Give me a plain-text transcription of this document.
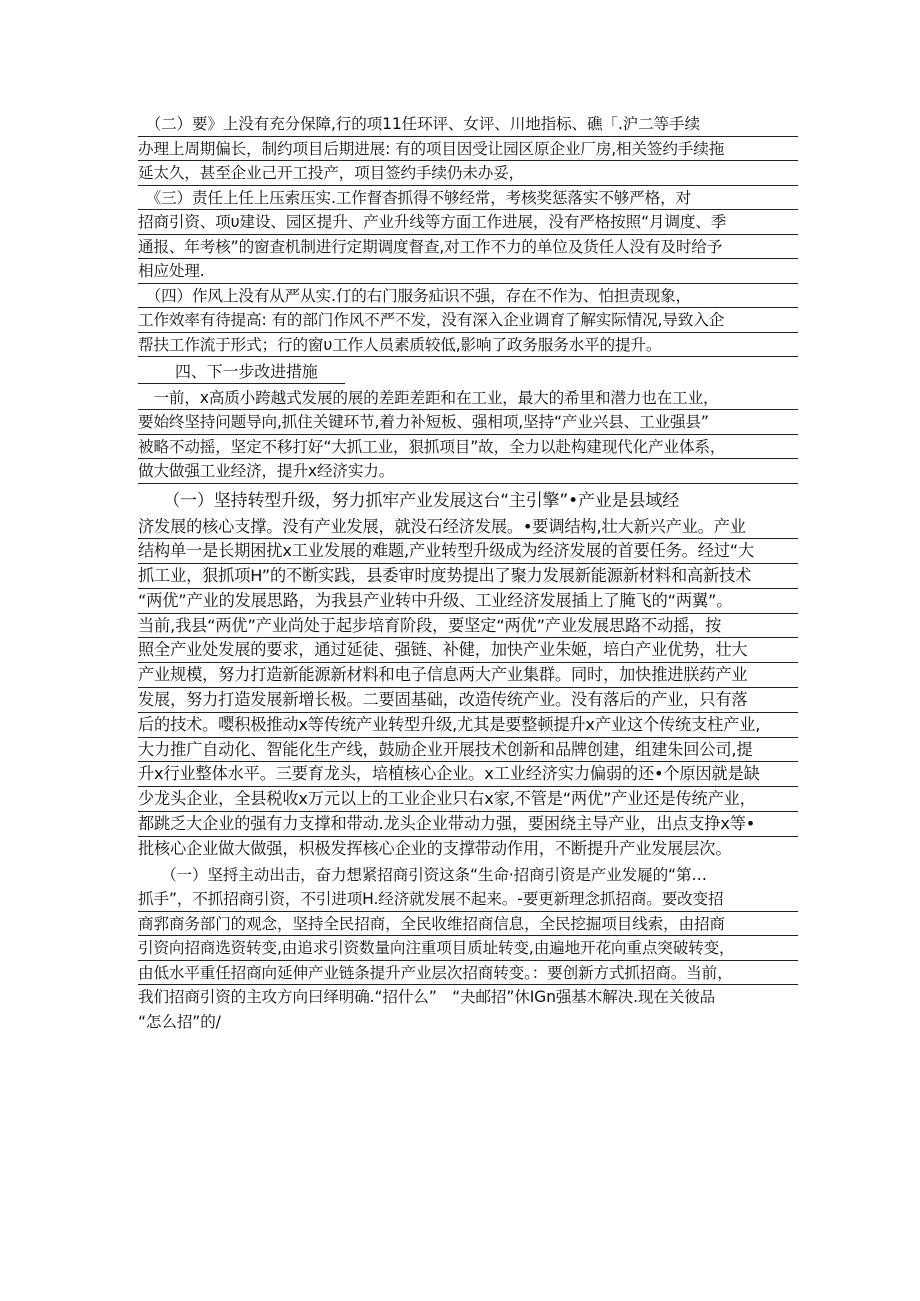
　（二）要》上没有充分保障,行的项11任环评、女评、川地指标、礁「.沪二等手续
办理上周期偏长，制约项目后期进展: 有的项目因受让园区原企业厂房,相关签约手续拖
延太久，甚至企业己开工投产，项目签约手续仍未办妥，
　《三）责任上任上压索压实.工作督杳抓得不够经常，考核奖惩落实不够严格，对
招商引资、项υ建设、园区提升、产业升线等方面工作进展，没有严格按照“月调度、季
通报、年考核”的窗查机制进行定期调度督查,对工作不力的单位及货任人没有及时给予
相应处理.
　（四）作风上没有从严从实.仃的右门服务疝识不强，存在不作为、怕担责现象，
工作效率有待提高: 有的部门作风不严不发，没有深入企业调育了解实际情况,导致入企
帮扶工作流于形式；行的窗υ工作人员素质较低,影响了政务服务水平的提升。
四、下一步改进措施
　一前，x高质小跨越式发展的展的差距差距和在工业，最大的希里和潜力也在工业，
要始终坚持问题导向,抓住关键环节,着力补短板、强相项,坚持“产业兴县、工业强县”
被略不动摇，坚定不移打好“大抓工业，狠抓项目”故，全力以赴构建现代化产业体系，
做大做强工业经济，提升x经济实力。
　　（一）坚持转型升级，努力抓牢产业发展这台“主引擎”•产业是县域经
济发展的核心支撑。没有产业发展，就没石经济发展。•要调结构,壮大新兴产业。产业
结构单一是长期困扰x工业发展的难题,产业转型升级成为经济发展的首要任务。经过“大
抓工业，狠抓项H”的不断实践，县委审时度势提出了聚力发展新能源新材料和高新技术
“两优”产业的发展思路，为我县产业转中升级、工业经济发展插上了腌飞的“两翼”。
当前,我县“两优”产业尚处于起步培育阶段，要坚定“两优”产业发展思路不动摇，按
照全产业处发展的要求，通过延徒、强链、补健，加快产业朱姬，培白产业优势，壮大
产业规模，努力打造新能源新材料和电子信息两大产业集群。同时，加快推进朕药产业
发展，努力打造发展新增长极。二要固基础，改造传统产业。没有落后的产业，只有落
后的技术。嘤积极推动x等传统产业转型升级,尤其是要整顿提升x产业这个传统支柱产业,
大力推广自动化、智能化生产线，鼓励企业开展技术创新和品牌创建，组建朱回公司,提
升x行业整体水平。三要育龙头，培植核心企业。x工业经济实力偏弱的还•个原因就是缺
少龙头企业，全县税收x万元以上的工业企业只右x家,不管是“两优”产业还是传统产业，
都跳乏大企业的强有力支撑和带动.龙头企业带动力强，要困绕主导产业，出点支挣x等•
批核心企业做大做强，枳极发挥核心企业的支撑带动作用，不断提升产业发展层次。
　　（一）坚捋主动出击，奋力想紧招商引资这条“生命·招商引资是产业发屣的“第…
抓手”，不抓招商引资，不引进项H.经济就发展不起来。-要更新理念抓招商。要改变招
商郛商务部门的观念，坚持全民招商，全民收维招商信息，全民挖掘项目线索，由招商
引资向招商选资转变,由追求引资数量向注重项目质址转变,由遍地开花向重点突破转变，
由低水平重任招商向延伸产业链条提升产业层次招商转变。：要创新方式抓招商。当前，
我们招商引资的主攻方向曰绎明确.“招什么”　“夬邮招”休IGn强基木解决.现在关彼品
“怎么招”的/
